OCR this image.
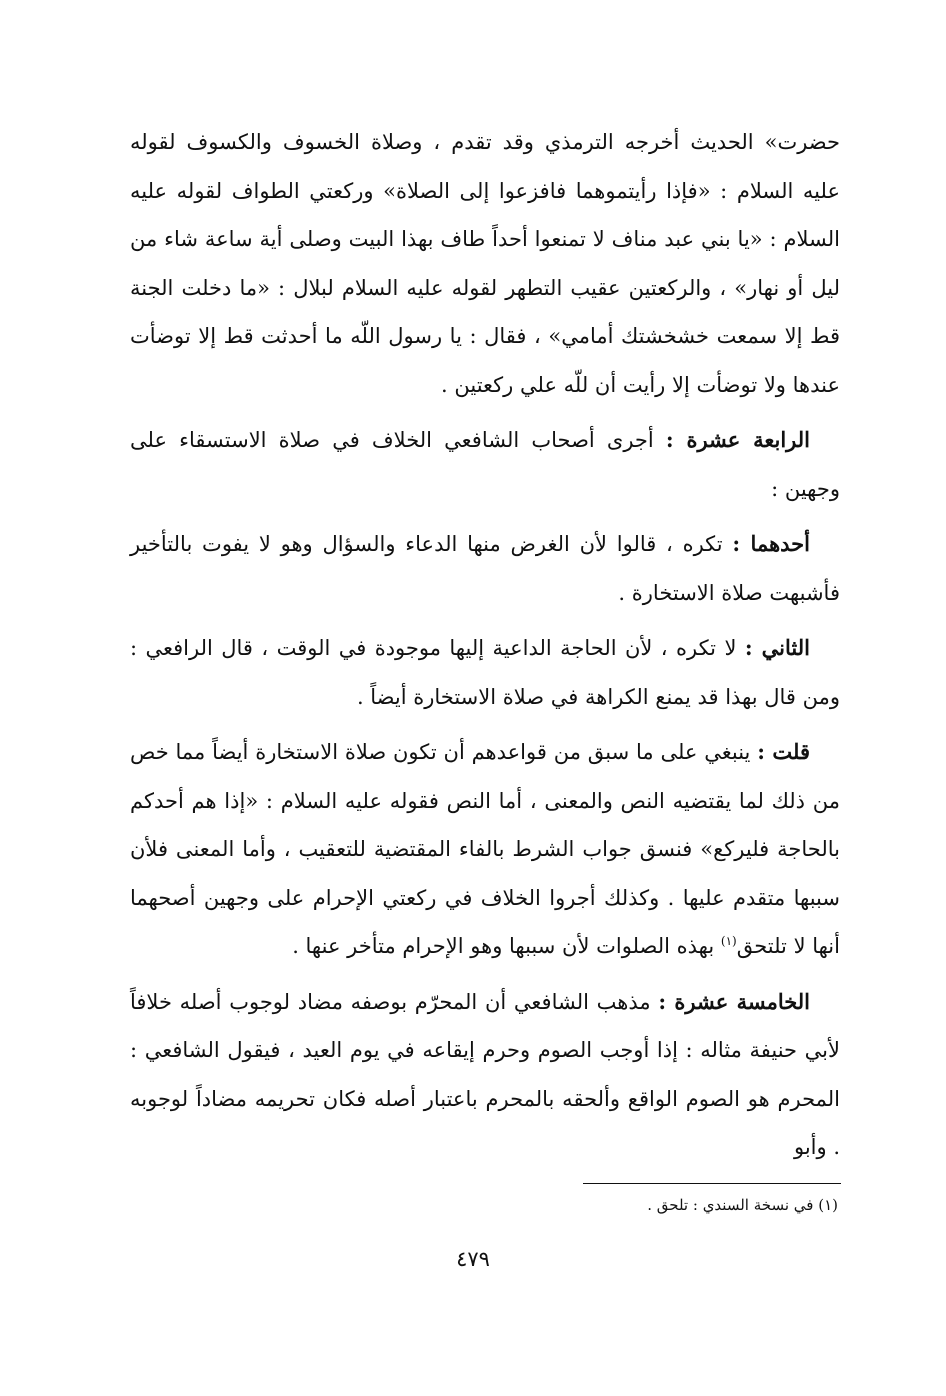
حضرت» الحديث أخرجه الترمذي وقد تقدم ، وصلاة الخسوف والكسوف لقوله عليه السلام : «فإذا رأيتموهما فافزعوا إلى الصلاة» وركعتي الطواف لقوله عليه السلام : «يا بني عبد مناف لا تمنعوا أحداً طاف بهذا البيت وصلى أية ساعة شاء من ليل أو نهار» ، والركعتين عقيب التطهر لقوله عليه السلام لبلال : «ما دخلت الجنة قط إلا سمعت خشخشتك أمامي» ، فقال : يا رسول اللّه ما أحدثت قط إلا توضأت عندها ولا توضأت إلا رأيت أن للّه علي ركعتين .

الرابعة عشرة : أجرى أصحاب الشافعي الخلاف في صلاة الاستسقاء على وجهين :

أحدهما : تكره ، قالوا لأن الغرض منها الدعاء والسؤال وهو لا يفوت بالتأخير فأشبهت صلاة الاستخارة .

الثاني : لا تكره ، لأن الحاجة الداعية إليها موجودة في الوقت ، قال الرافعي : ومن قال بهذا قد يمنع الكراهة في صلاة الاستخارة أيضاً .

قلت : ينبغي على ما سبق من قواعدهم أن تكون صلاة الاستخارة أيضاً مما خص من ذلك لما يقتضيه النص والمعنى ، أما النص فقوله عليه السلام : «إذا هم أحدكم بالحاجة فليركع» فنسق جواب الشرط بالفاء المقتضية للتعقيب ، وأما المعنى فلأن سببها متقدم عليها . وكذلك أجروا الخلاف في ركعتي الإحرام على وجهين أصحهما أنها لا تلتحق$^{(١)}$ بهذه الصلوات لأن سببها وهو الإحرام متأخر عنها .

الخامسة عشرة : مذهب الشافعي أن المحرّم بوصفه مضاد لوجوب أصله خلافاً لأبي حنيفة مثاله : إذا أوجب الصوم وحرم إيقاعه في يوم العيد ، فيقول الشافعي : المحرم هو الصوم الواقع وألحقه بالمحرم باعتبار أصله فكان تحريمه مضاداً لوجوبه . وأبو

(١) في نسخة السندي : تلحق .
٤٧٩
